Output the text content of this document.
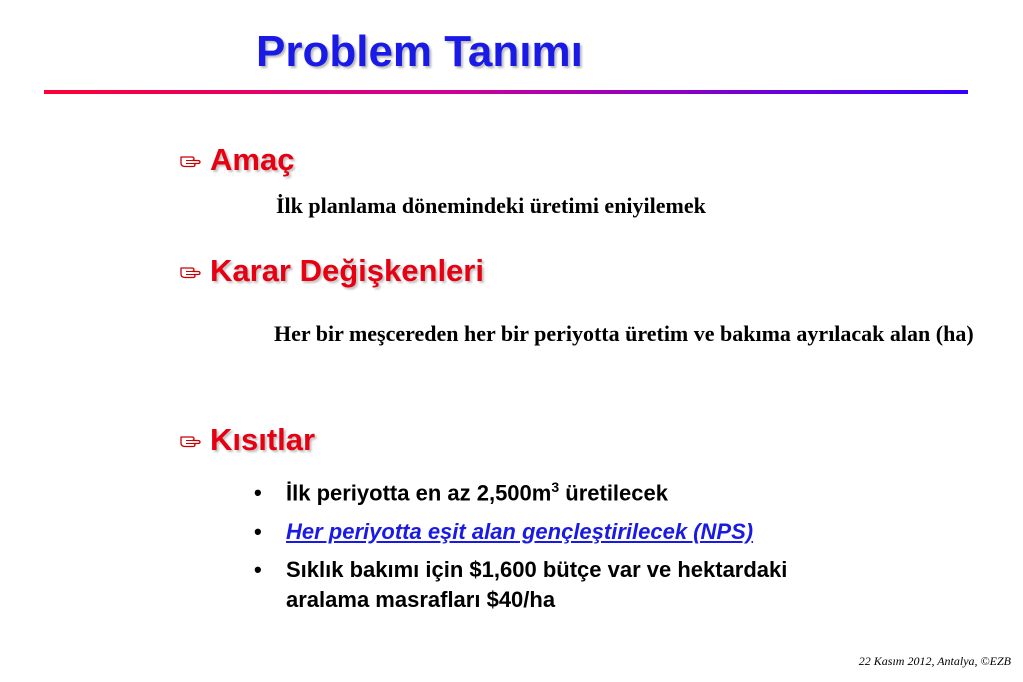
Problem Tanımı
Amaç
İlk planlama dönemindeki üretimi eniyilemek
Karar Değişkenleri
Her bir meşcereden her bir periyotta üretim ve bakıma ayrılacak alan (ha)
Kısıtlar
•	İlk periyotta en az $2,500m^3$ üretilecek
•	Her periyotta eşit alan gençleştirilecek (NPS)
•	Sıklık bakımı için $1,600 bütçe var ve hektardaki aralama masrafları $40/ha
22 Kasım 2012, Antalya, ©EZB
